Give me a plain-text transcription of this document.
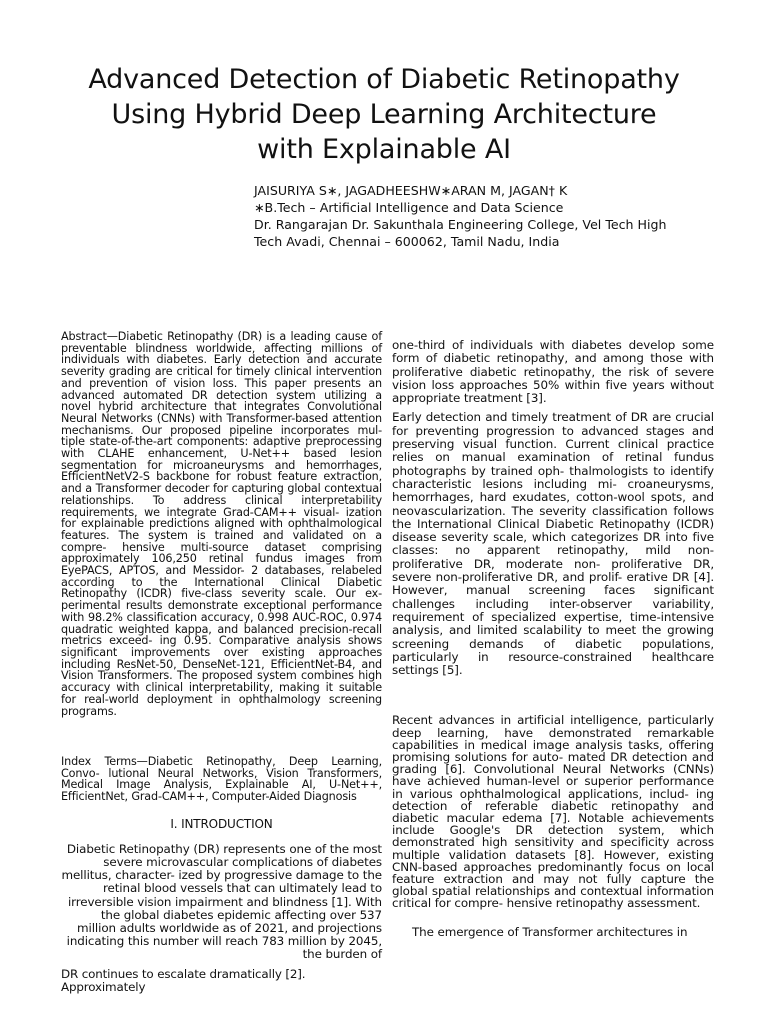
Advanced Detection of Diabetic Retinopathy
Using Hybrid Deep Learning Architecture
with Explainable AI
JAISURIYA S∗, JAGADHEESHW∗ARAN M, JAGAN† K
∗B.Tech – Artificial Intelligence and Data Science
Dr. Rangarajan Dr. Sakunthala Engineering College, Vel Tech High
Tech Avadi, Chennai – 600062, Tamil Nadu, India

Abstract—Diabetic Retinopathy (DR) is a leading cause of preventable blindness worldwide, affecting millions of individuals with diabetes. Early detection and accurate severity grading are critical for timely clinical intervention and prevention of vision loss. This paper presents an advanced automated DR detection system utilizing a novel hybrid architecture that integrates Convolutional Neural Networks (CNNs) with Transformer-based attention mechanisms. Our proposed pipeline incorporates mul- tiple state-of-the-art components: adaptive preprocessing with CLAHE enhancement, U-Net++ based lesion segmentation for microaneurysms and hemorrhages, EfficientNetV2-S backbone for robust feature extraction, and a Transformer decoder for capturing global contextual relationships. To address clinical interpretability requirements, we integrate Grad-CAM++ visual- ization for explainable predictions aligned with ophthalmological features. The system is trained and validated on a compre- hensive multi-source dataset comprising approximately 106,250 retinal fundus images from EyePACS, APTOS, and Messidor- 2 databases, relabeled according to the International Clinical Diabetic Retinopathy (ICDR) five-class severity scale. Our ex- perimental results demonstrate exceptional performance with 98.2% classification accuracy, 0.998 AUC-ROC, 0.974 quadratic weighted kappa, and balanced precision-recall metrics exceed- ing 0.95. Comparative analysis shows significant improvements over existing approaches including ResNet-50, DenseNet-121, EfficientNet-B4, and Vision Transformers. The proposed system combines high accuracy with clinical interpretability, making it suitable for real-world deployment in ophthalmology screening programs.

Index Terms—Diabetic Retinopathy, Deep Learning, Convo- lutional Neural Networks, Vision Transformers, Medical Image Analysis, Explainable AI, U-Net++, EfficientNet, Grad-CAM++, Computer-Aided Diagnosis

I. INTRODUCTION

Diabetic Retinopathy (DR) represents one of the most severe microvascular complications of diabetes mellitus, character- ized by progressive damage to the retinal blood vessels that can ultimately lead to irreversible vision impairment and blindness [1]. With the global diabetes epidemic affecting over 537 million adults worldwide as of 2021, and projections indicating this number will reach 783 million by 2045, the burden of

DR continues to escalate dramatically [2]. Approximately

one-third of individuals with diabetes develop some form of diabetic retinopathy, and among those with proliferative diabetic retinopathy, the risk of severe vision loss approaches 50% within five years without appropriate treatment [3].

Early detection and timely treatment of DR are crucial for preventing progression to advanced stages and preserving visual function. Current clinical practice relies on manual examination of retinal fundus photographs by trained oph- thalmologists to identify characteristic lesions including mi- croaneurysms, hemorrhages, hard exudates, cotton-wool spots, and neovascularization. The severity classification follows the International Clinical Diabetic Retinopathy (ICDR) disease severity scale, which categorizes DR into five classes: no apparent retinopathy, mild non-proliferative DR, moderate non- proliferative DR, severe non-proliferative DR, and prolif- erative DR [4]. However, manual screening faces significant challenges including inter-observer variability, requirement of specialized expertise, time-intensive analysis, and limited scalability to meet the growing screening demands of diabetic populations, particularly in resource-constrained healthcare settings [5].

Recent advances in artificial intelligence, particularly deep learning, have demonstrated remarkable capabilities in medical image analysis tasks, offering promising solutions for auto- mated DR detection and grading [6]. Convolutional Neural Networks (CNNs) have achieved human-level or superior performance in various ophthalmological applications, includ- ing detection of referable diabetic retinopathy and diabetic macular edema [7]. Notable achievements include Google's DR detection system, which demonstrated high sensitivity and specificity across multiple validation datasets [8]. However, existing CNN-based approaches predominantly focus on local feature extraction and may not fully capture the global spatial relationships and contextual information critical for compre- hensive retinopathy assessment.

The emergence of Transformer architectures in
